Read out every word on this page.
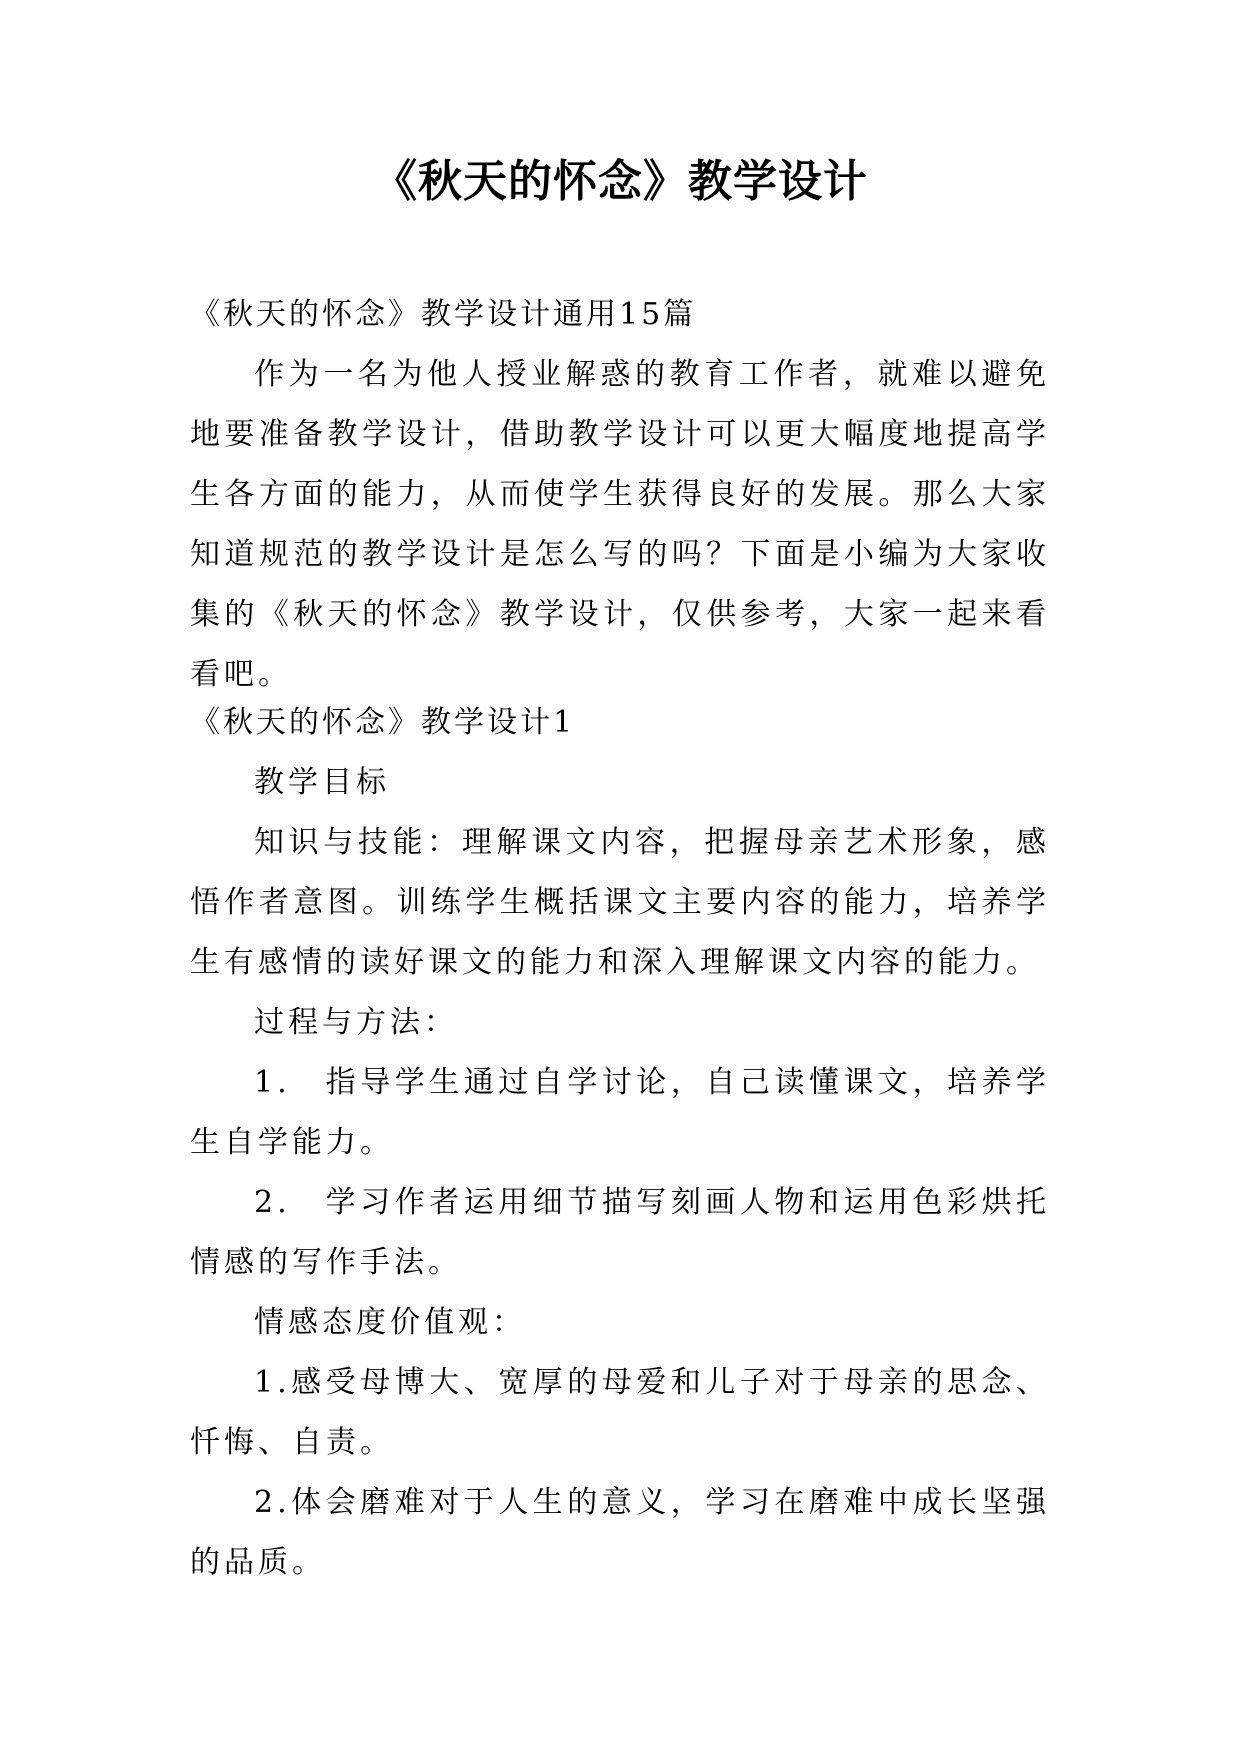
《秋天的怀念》教学设计

《秋天的怀念》教学设计通用15篇

作为一名为他人授业解惑的教育工作者，就难以避免地要准备教学设计，借助教学设计可以更大幅度地提高学生各方面的能力，从而使学生获得良好的发展。那么大家知道规范的教学设计是怎么写的吗？下面是小编为大家收集的《秋天的怀念》教学设计，仅供参考，大家一起来看看吧。

《秋天的怀念》教学设计1

教学目标

知识与技能：理解课文内容，把握母亲艺术形象，感悟作者意图。训练学生概括课文主要内容的能力，培养学生有感情的读好课文的能力和深入理解课文内容的能力。

过程与方法：

1.　指导学生通过自学讨论，自己读懂课文，培养学生自学能力。

2.　学习作者运用细节描写刻画人物和运用色彩烘托情感的写作手法。

情感态度价值观：

1.感受母博大、宽厚的母爱和儿子对于母亲的思念、忏悔、自责。

2.体会磨难对于人生的意义，学习在磨难中成长坚强的品质。
